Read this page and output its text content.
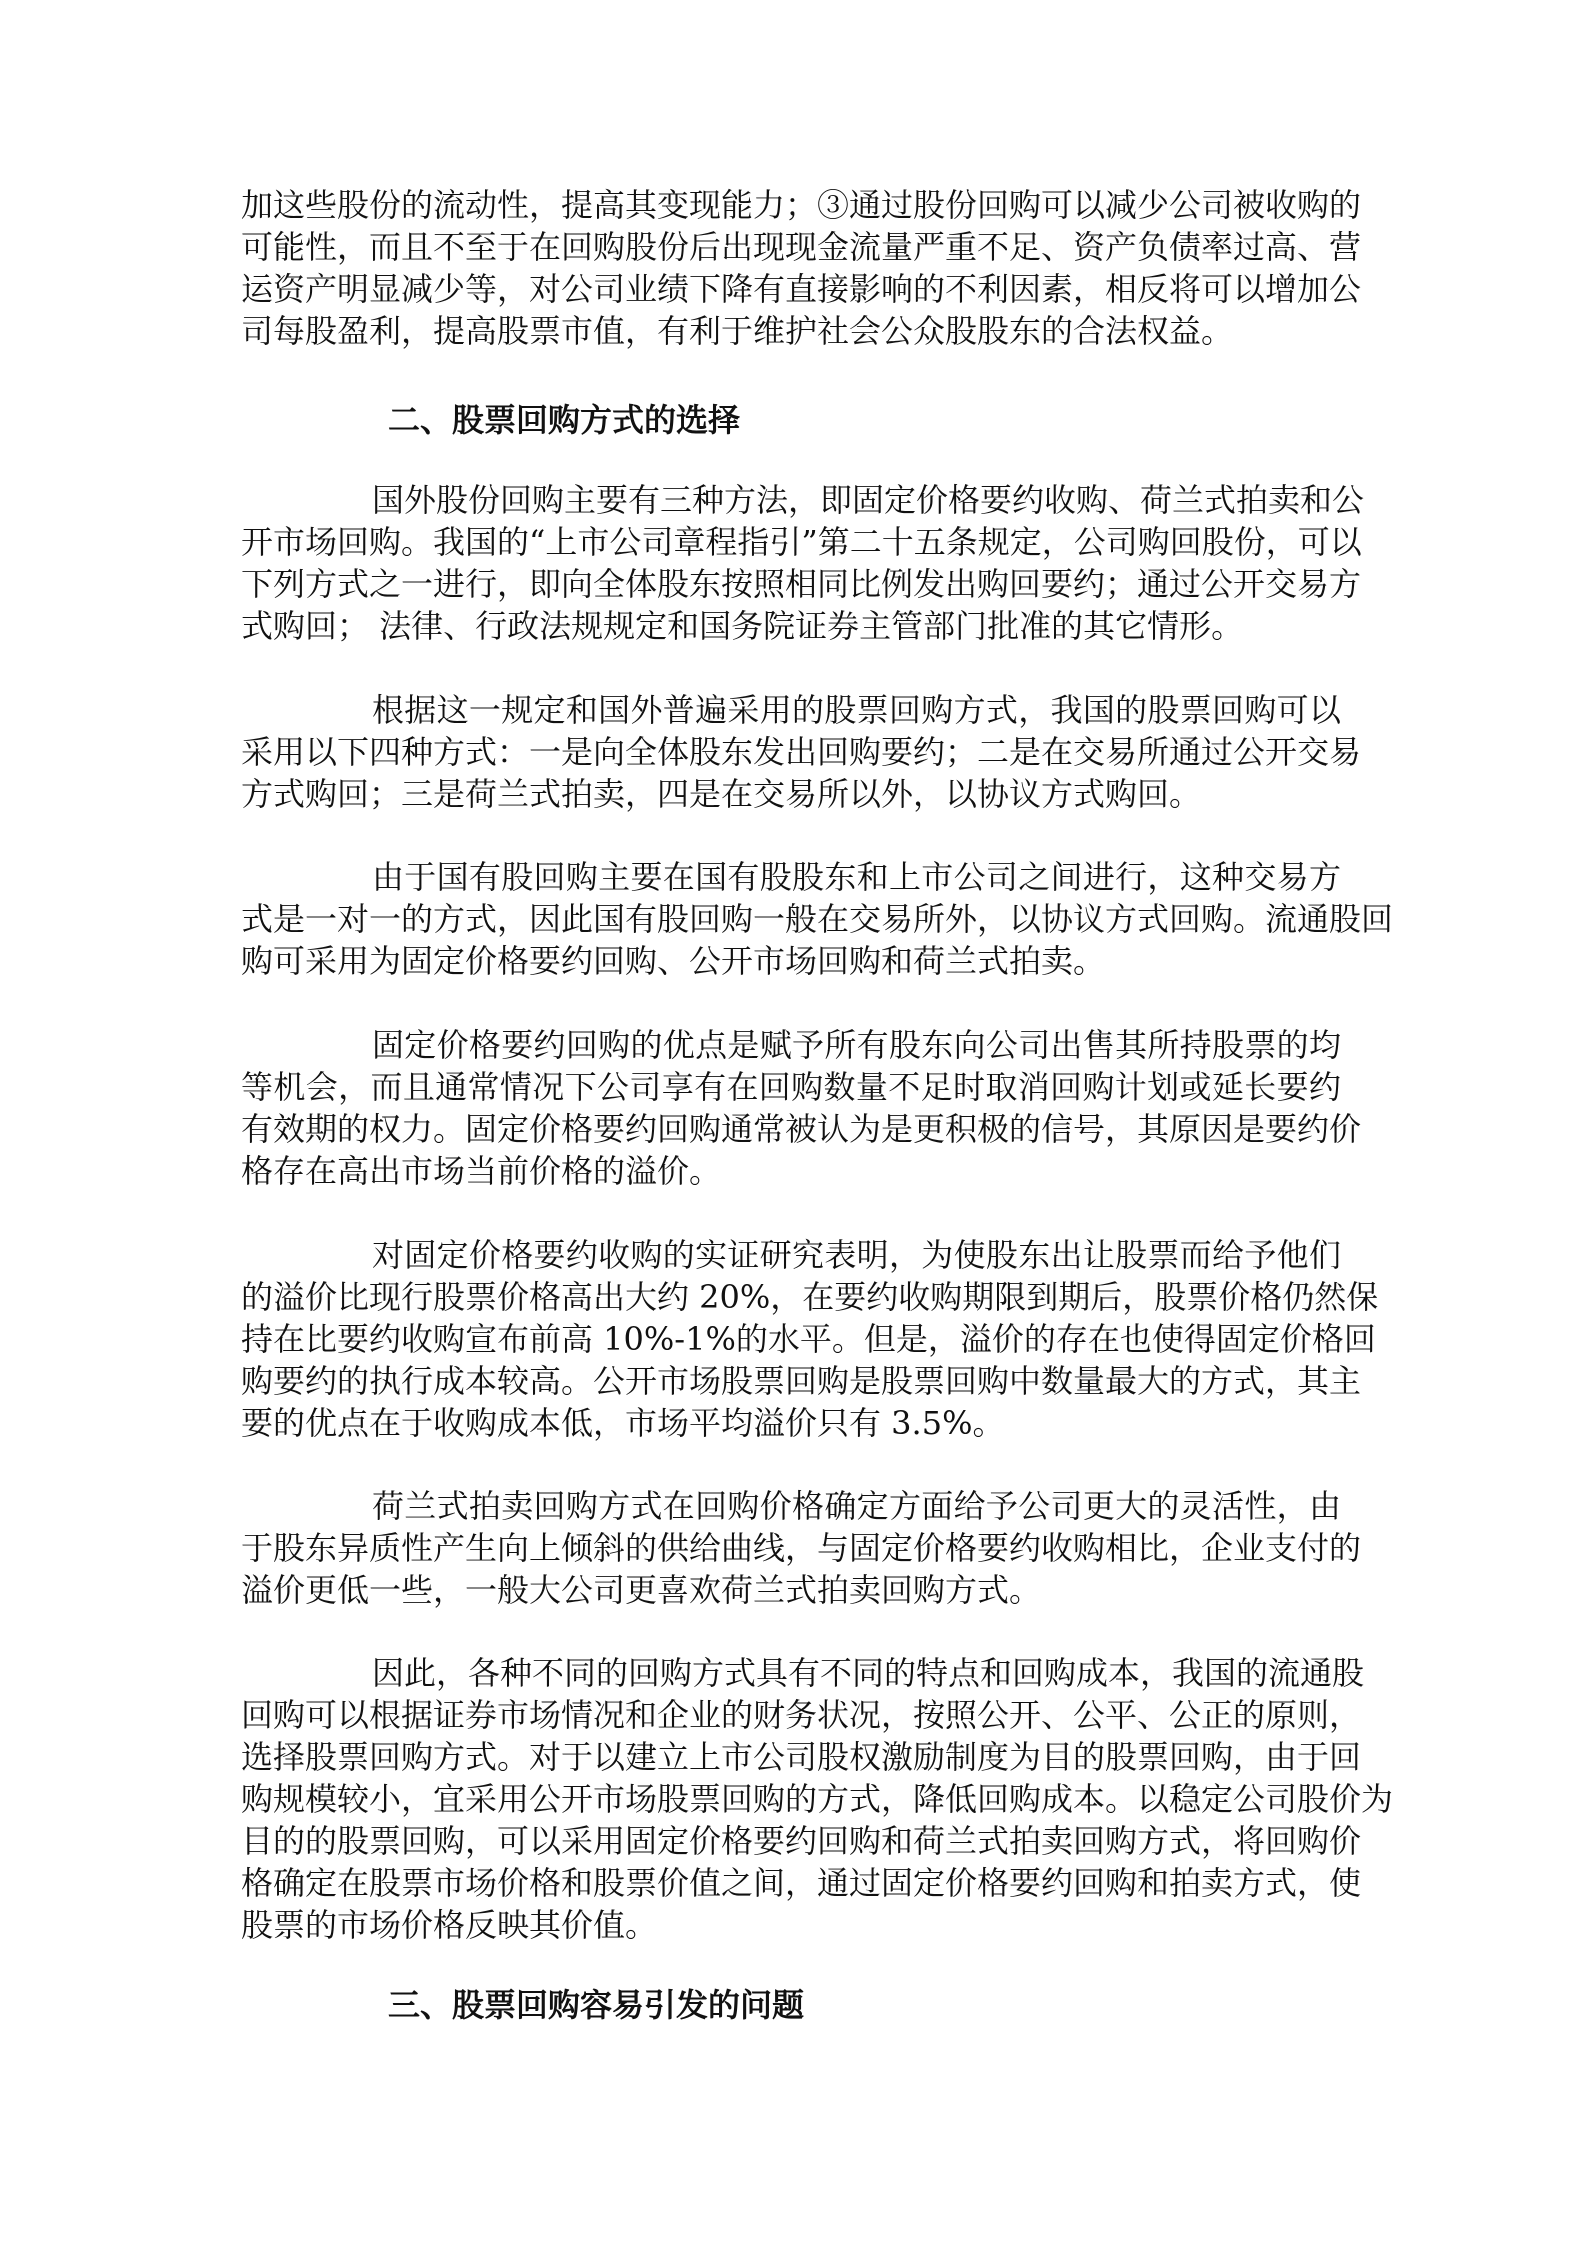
加这些股份的流动性，提高其变现能力；③通过股份回购可以减少公司被收购的
可能性，而且不至于在回购股份后出现现金流量严重不足、资产负债率过高、营
运资产明显减少等，对公司业绩下降有直接影响的不利因素，相反将可以增加公
司每股盈利，提高股票市值，有利于维护社会公众股股东的合法权益。
二、股票回购方式的选择
国外股份回购主要有三种方法，即固定价格要约收购、荷兰式拍卖和公
开市场回购。我国的“上市公司章程指引”第二十五条规定，公司购回股份，可以
下列方式之一进行，即向全体股东按照相同比例发出购回要约；通过公开交易方
式购回； 法律、行政法规规定和国务院证券主管部门批准的其它情形。
根据这一规定和国外普遍采用的股票回购方式，我国的股票回购可以
采用以下四种方式：一是向全体股东发出回购要约；二是在交易所通过公开交易
方式购回；三是荷兰式拍卖，四是在交易所以外，以协议方式购回。
由于国有股回购主要在国有股股东和上市公司之间进行，这种交易方
式是一对一的方式，因此国有股回购一般在交易所外，以协议方式回购。流通股回
购可采用为固定价格要约回购、公开市场回购和荷兰式拍卖。
固定价格要约回购的优点是赋予所有股东向公司出售其所持股票的均
等机会，而且通常情况下公司享有在回购数量不足时取消回购计划或延长要约
有效期的权力。固定价格要约回购通常被认为是更积极的信号，其原因是要约价
格存在高出市场当前价格的溢价。
对固定价格要约收购的实证研究表明，为使股东出让股票而给予他们
的溢价比现行股票价格高出大约 20%，在要约收购期限到期后，股票价格仍然保
持在比要约收购宣布前高 10%-1%的水平。但是，溢价的存在也使得固定价格回
购要约的执行成本较高。公开市场股票回购是股票回购中数量最大的方式，其主
要的优点在于收购成本低，市场平均溢价只有 3.5%。
荷兰式拍卖回购方式在回购价格确定方面给予公司更大的灵活性，由
于股东异质性产生向上倾斜的供给曲线，与固定价格要约收购相比，企业支付的
溢价更低一些，一般大公司更喜欢荷兰式拍卖回购方式。
因此，各种不同的回购方式具有不同的特点和回购成本，我国的流通股
回购可以根据证券市场情况和企业的财务状况，按照公开、公平、公正的原则，
选择股票回购方式。对于以建立上市公司股权激励制度为目的股票回购，由于回
购规模较小，宜采用公开市场股票回购的方式，降低回购成本。以稳定公司股价为
目的的股票回购，可以采用固定价格要约回购和荷兰式拍卖回购方式，将回购价
格确定在股票市场价格和股票价值之间，通过固定价格要约回购和拍卖方式，使
股票的市场价格反映其价值。
三、股票回购容易引发的问题
